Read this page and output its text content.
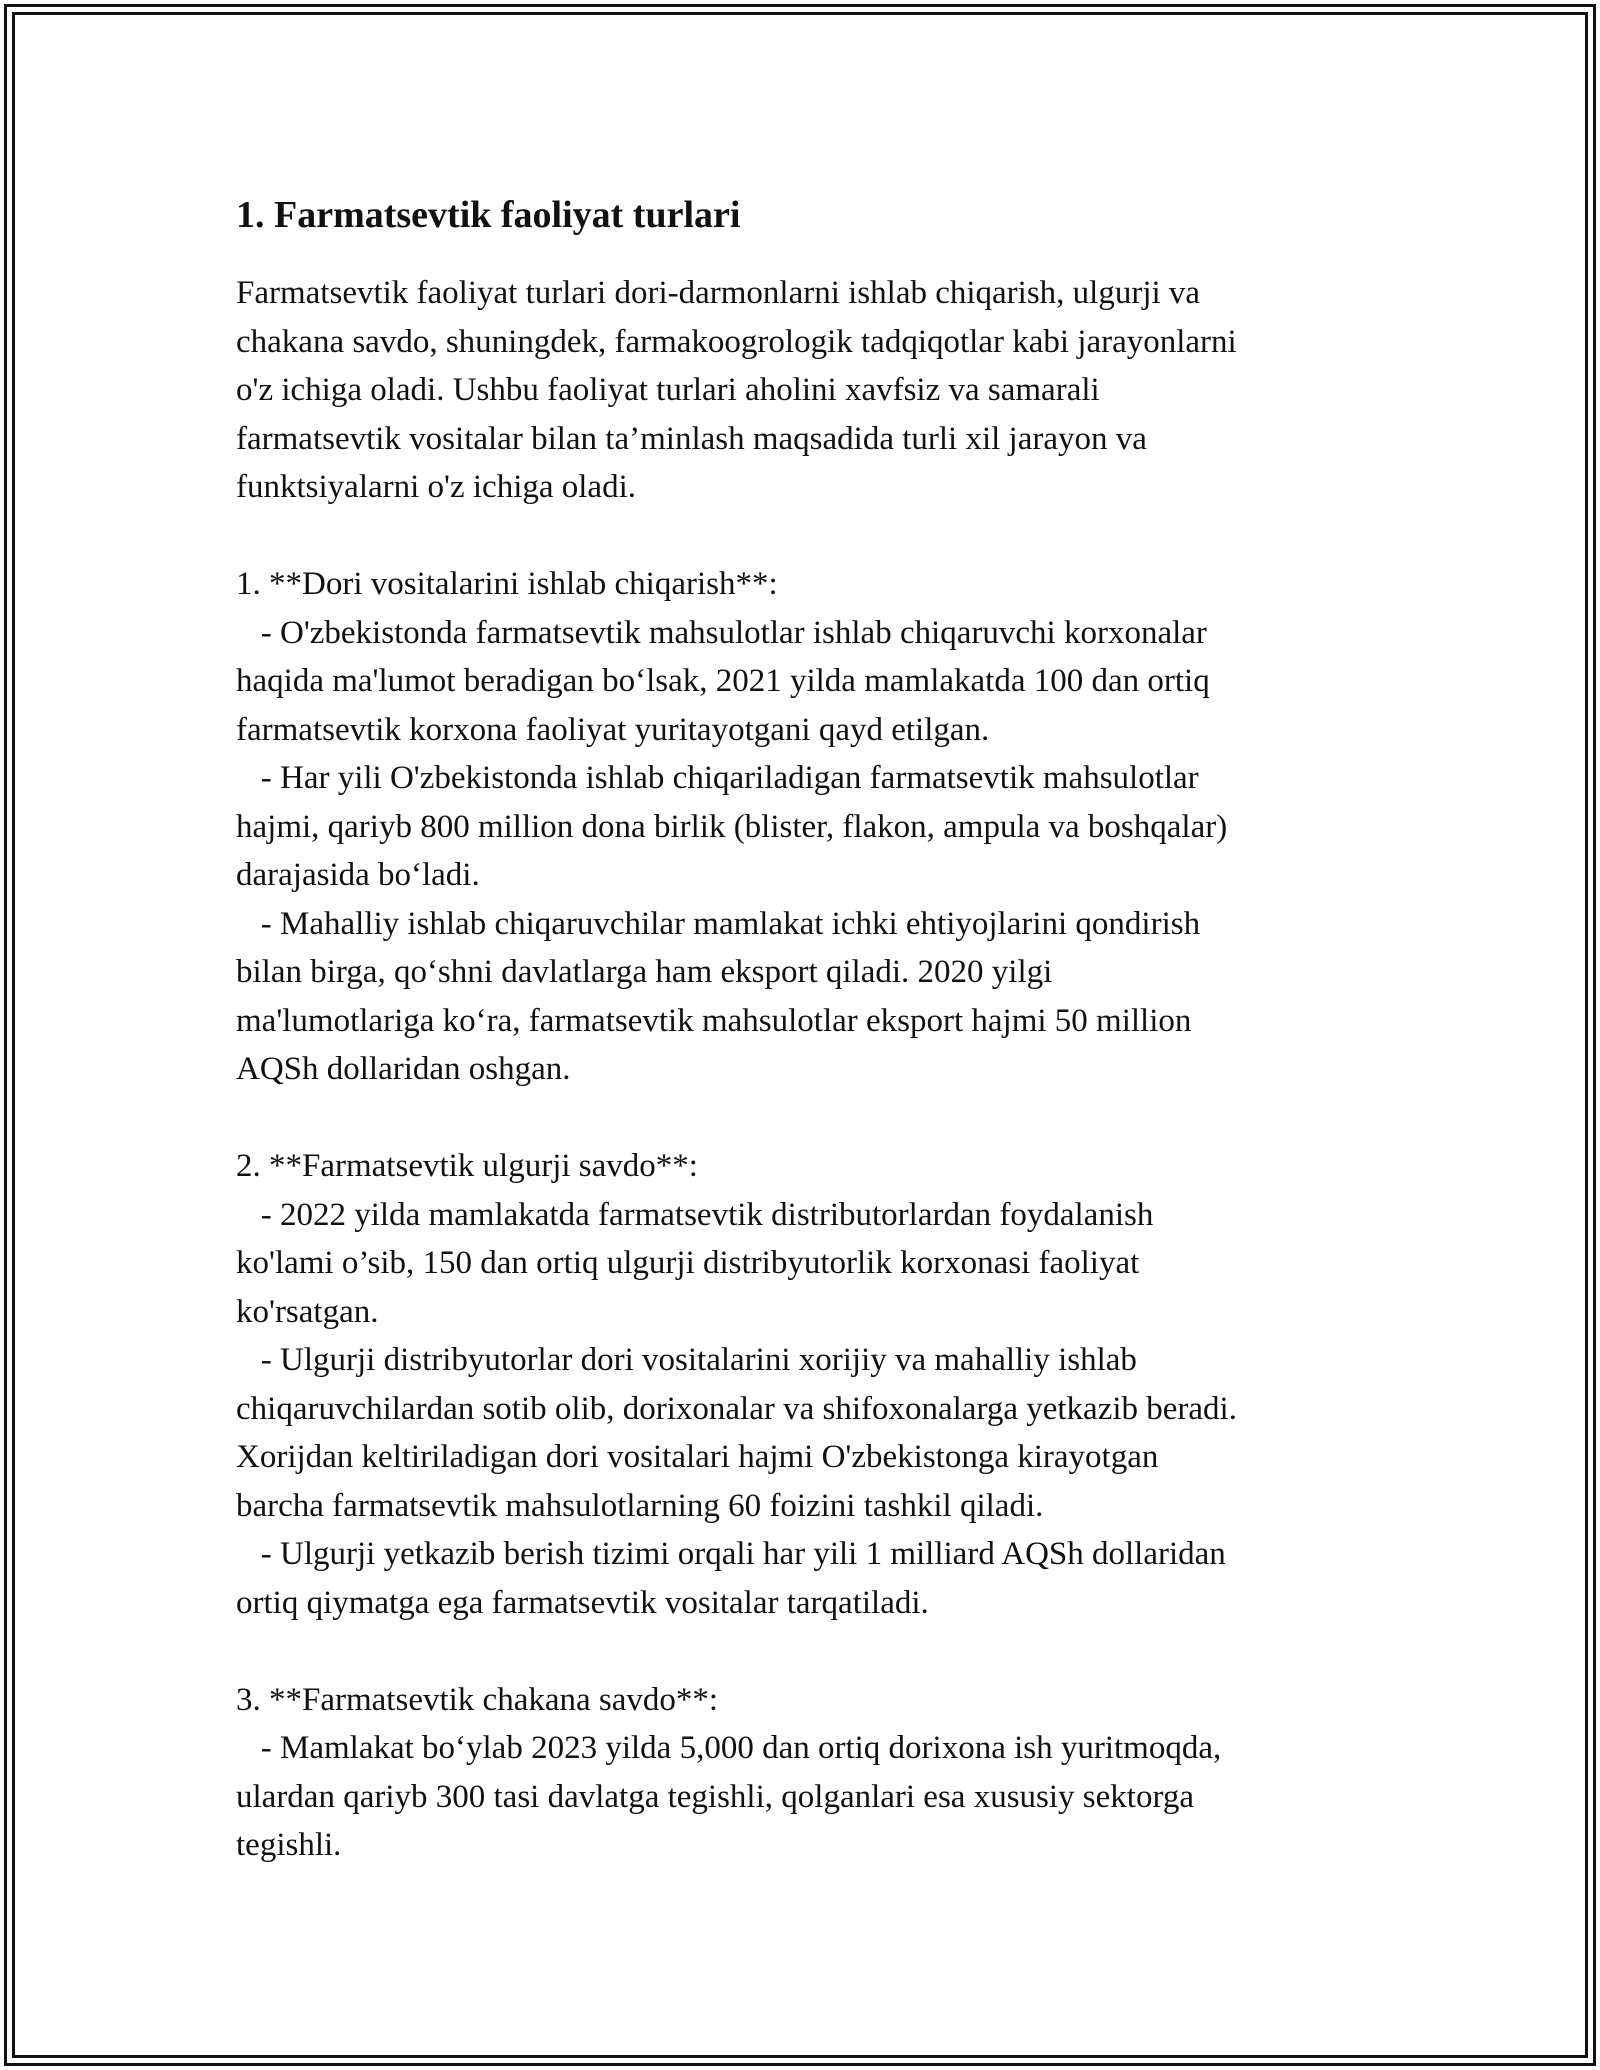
1. Farmatsevtik faoliyat turlari

Farmatsevtik faoliyat turlari dori-darmonlarni ishlab chiqarish, ulgurji va
chakana savdo, shuningdek, farmakoogrologik tadqiqotlar kabi jarayonlarni
o'z ichiga oladi. Ushbu faoliyat turlari aholini xavfsiz va samarali
farmatsevtik vositalar bilan ta’minlash maqsadida turli xil jarayon va
funktsiyalarni o'z ichiga oladi.

1. **Dori vositalarini ishlab chiqarish**:
- O'zbekistonda farmatsevtik mahsulotlar ishlab chiqaruvchi korxonalar
haqida ma'lumot beradigan bo‘lsak, 2021 yilda mamlakatda 100 dan ortiq
farmatsevtik korxona faoliyat yuritayotgani qayd etilgan.
- Har yili O'zbekistonda ishlab chiqariladigan farmatsevtik mahsulotlar
hajmi, qariyb 800 million dona birlik (blister, flakon, ampula va boshqalar)
darajasida bo‘ladi.
- Mahalliy ishlab chiqaruvchilar mamlakat ichki ehtiyojlarini qondirish
bilan birga, qo‘shni davlatlarga ham eksport qiladi. 2020 yilgi
ma'lumotlariga ko‘ra, farmatsevtik mahsulotlar eksport hajmi 50 million
AQSh dollaridan oshgan.

2. **Farmatsevtik ulgurji savdo**:
- 2022 yilda mamlakatda farmatsevtik distributorlardan foydalanish
ko'lami o’sib, 150 dan ortiq ulgurji distribyutorlik korxonasi faoliyat
ko'rsatgan.
- Ulgurji distribyutorlar dori vositalarini xorijiy va mahalliy ishlab
chiqaruvchilardan sotib olib, dorixonalar va shifoxonalarga yetkazib beradi.
Xorijdan keltiriladigan dori vositalari hajmi O'zbekistonga kirayotgan
barcha farmatsevtik mahsulotlarning 60 foizini tashkil qiladi.
- Ulgurji yetkazib berish tizimi orqali har yili 1 milliard AQSh dollaridan
ortiq qiymatga ega farmatsevtik vositalar tarqatiladi.

3. **Farmatsevtik chakana savdo**:
- Mamlakat bo‘ylab 2023 yilda 5,000 dan ortiq dorixona ish yuritmoqda,
ulardan qariyb 300 tasi davlatga tegishli, qolganlari esa xususiy sektorga
tegishli.
